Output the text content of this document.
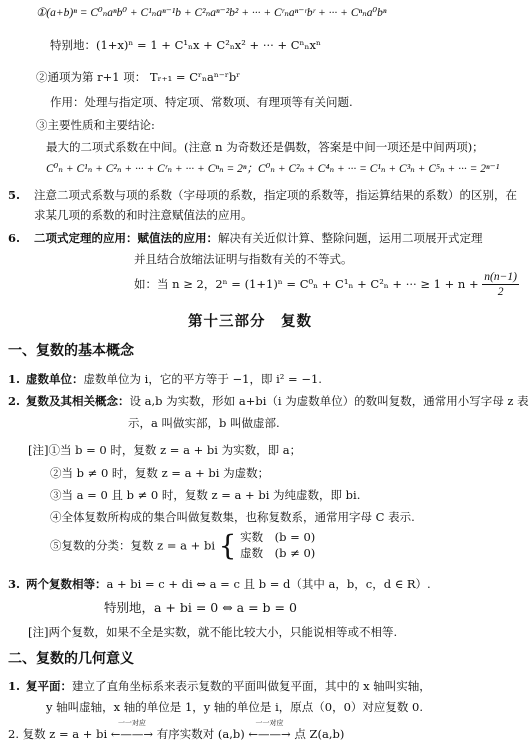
①(a+b)ⁿ = C⁰ₙaⁿb⁰ + C¹ₙaⁿ⁻¹b + C²ₙaⁿ⁻²b² + ··· + Cʳₙaⁿ⁻ʳbʳ + ··· + Cⁿₙa⁰bⁿ
特别地：(1+x)ⁿ = 1 + C¹ₙx + C²ₙx² + ··· + Cⁿₙxⁿ
②通项为第 r+1 项： Tᵣ₊₁ = Cʳₙaⁿ⁻ʳbʳ
作用：处理与指定项、特定项、常数项、有理项等有关问题.
③主要性质和主要结论:
最大的二项式系数在中间。(注意 n 为奇数还是偶数，答案是中间一项还是中间两项)；
C⁰ₙ + C¹ₙ + C²ₙ + ··· + Cʳₙ + ··· + Cⁿₙ = 2ⁿ；C⁰ₙ + C²ₙ + C⁴ₙ + ··· = C¹ₙ + C³ₙ + C⁵ₙ + ··· = 2ⁿ⁻¹
5. 注意二项式系数与项的系数（字母项的系数，指定项的系数等，指运算结果的系数）的区别，在
求某几项的系数的和时注意赋值法的应用。
6. 二项式定理的应用：赋值法的应用：解决有关近似计算、整除问题，运用二项展开式定理
并且结合放缩法证明与指数有关的不等式。
如：当 n ≥ 2，2ⁿ = (1+1)ⁿ = C⁰ₙ + C¹ₙ + C²ₙ + ··· ≥ $1 + n + \frac{n(n-1)}{2}$
第十三部分　复数
一、复数的基本概念
1. 虚数单位：虚数单位为 i，它的平方等于 −1，即 i² = −1.
2. 复数及其相关概念：设 a,b 为实数，形如 a+bi（i 为虚数单位）的数叫复数，通常用小写字母 z 表
示，a 叫做实部，b 叫做虚部.
[注]①当 b = 0 时，复数 z = a + bi 为实数，即 a；
②当 b ≠ 0 时，复数 z = a + bi 为虚数；
③当 a = 0 且 b ≠ 0 时，复数 z = a + bi 为纯虚数，即 bi.
④全体复数所构成的集合叫做复数集，也称复数系，通常用字母 C 表示.
⑤复数的分类：复数 z = a + bi { 实数　(b = 0)
虚数　(b ≠ 0)
3. 两个复数相等：a + bi = c + di ⇔ a = c 且 b = d（其中 a，b，c，d ∈ R）.
特别地，a + bi = 0 ⇔ a = b = 0
[注]两个复数，如果不全是实数，就不能比较大小，只能说相等或不相等.
二、复数的几何意义
1. 复平面：建立了直角坐标系来表示复数的平面叫做复平面，其中的 x 轴叫实轴，
y 轴叫虚轴，x 轴的单位是 1，y 轴的单位是 i，原点（0，0）对应复数 0.
2. 复数 z = a + bi
一一对应
←——→ 有序实数对 (a,b)
一一对应
←——→ 点 Z(a,b)
